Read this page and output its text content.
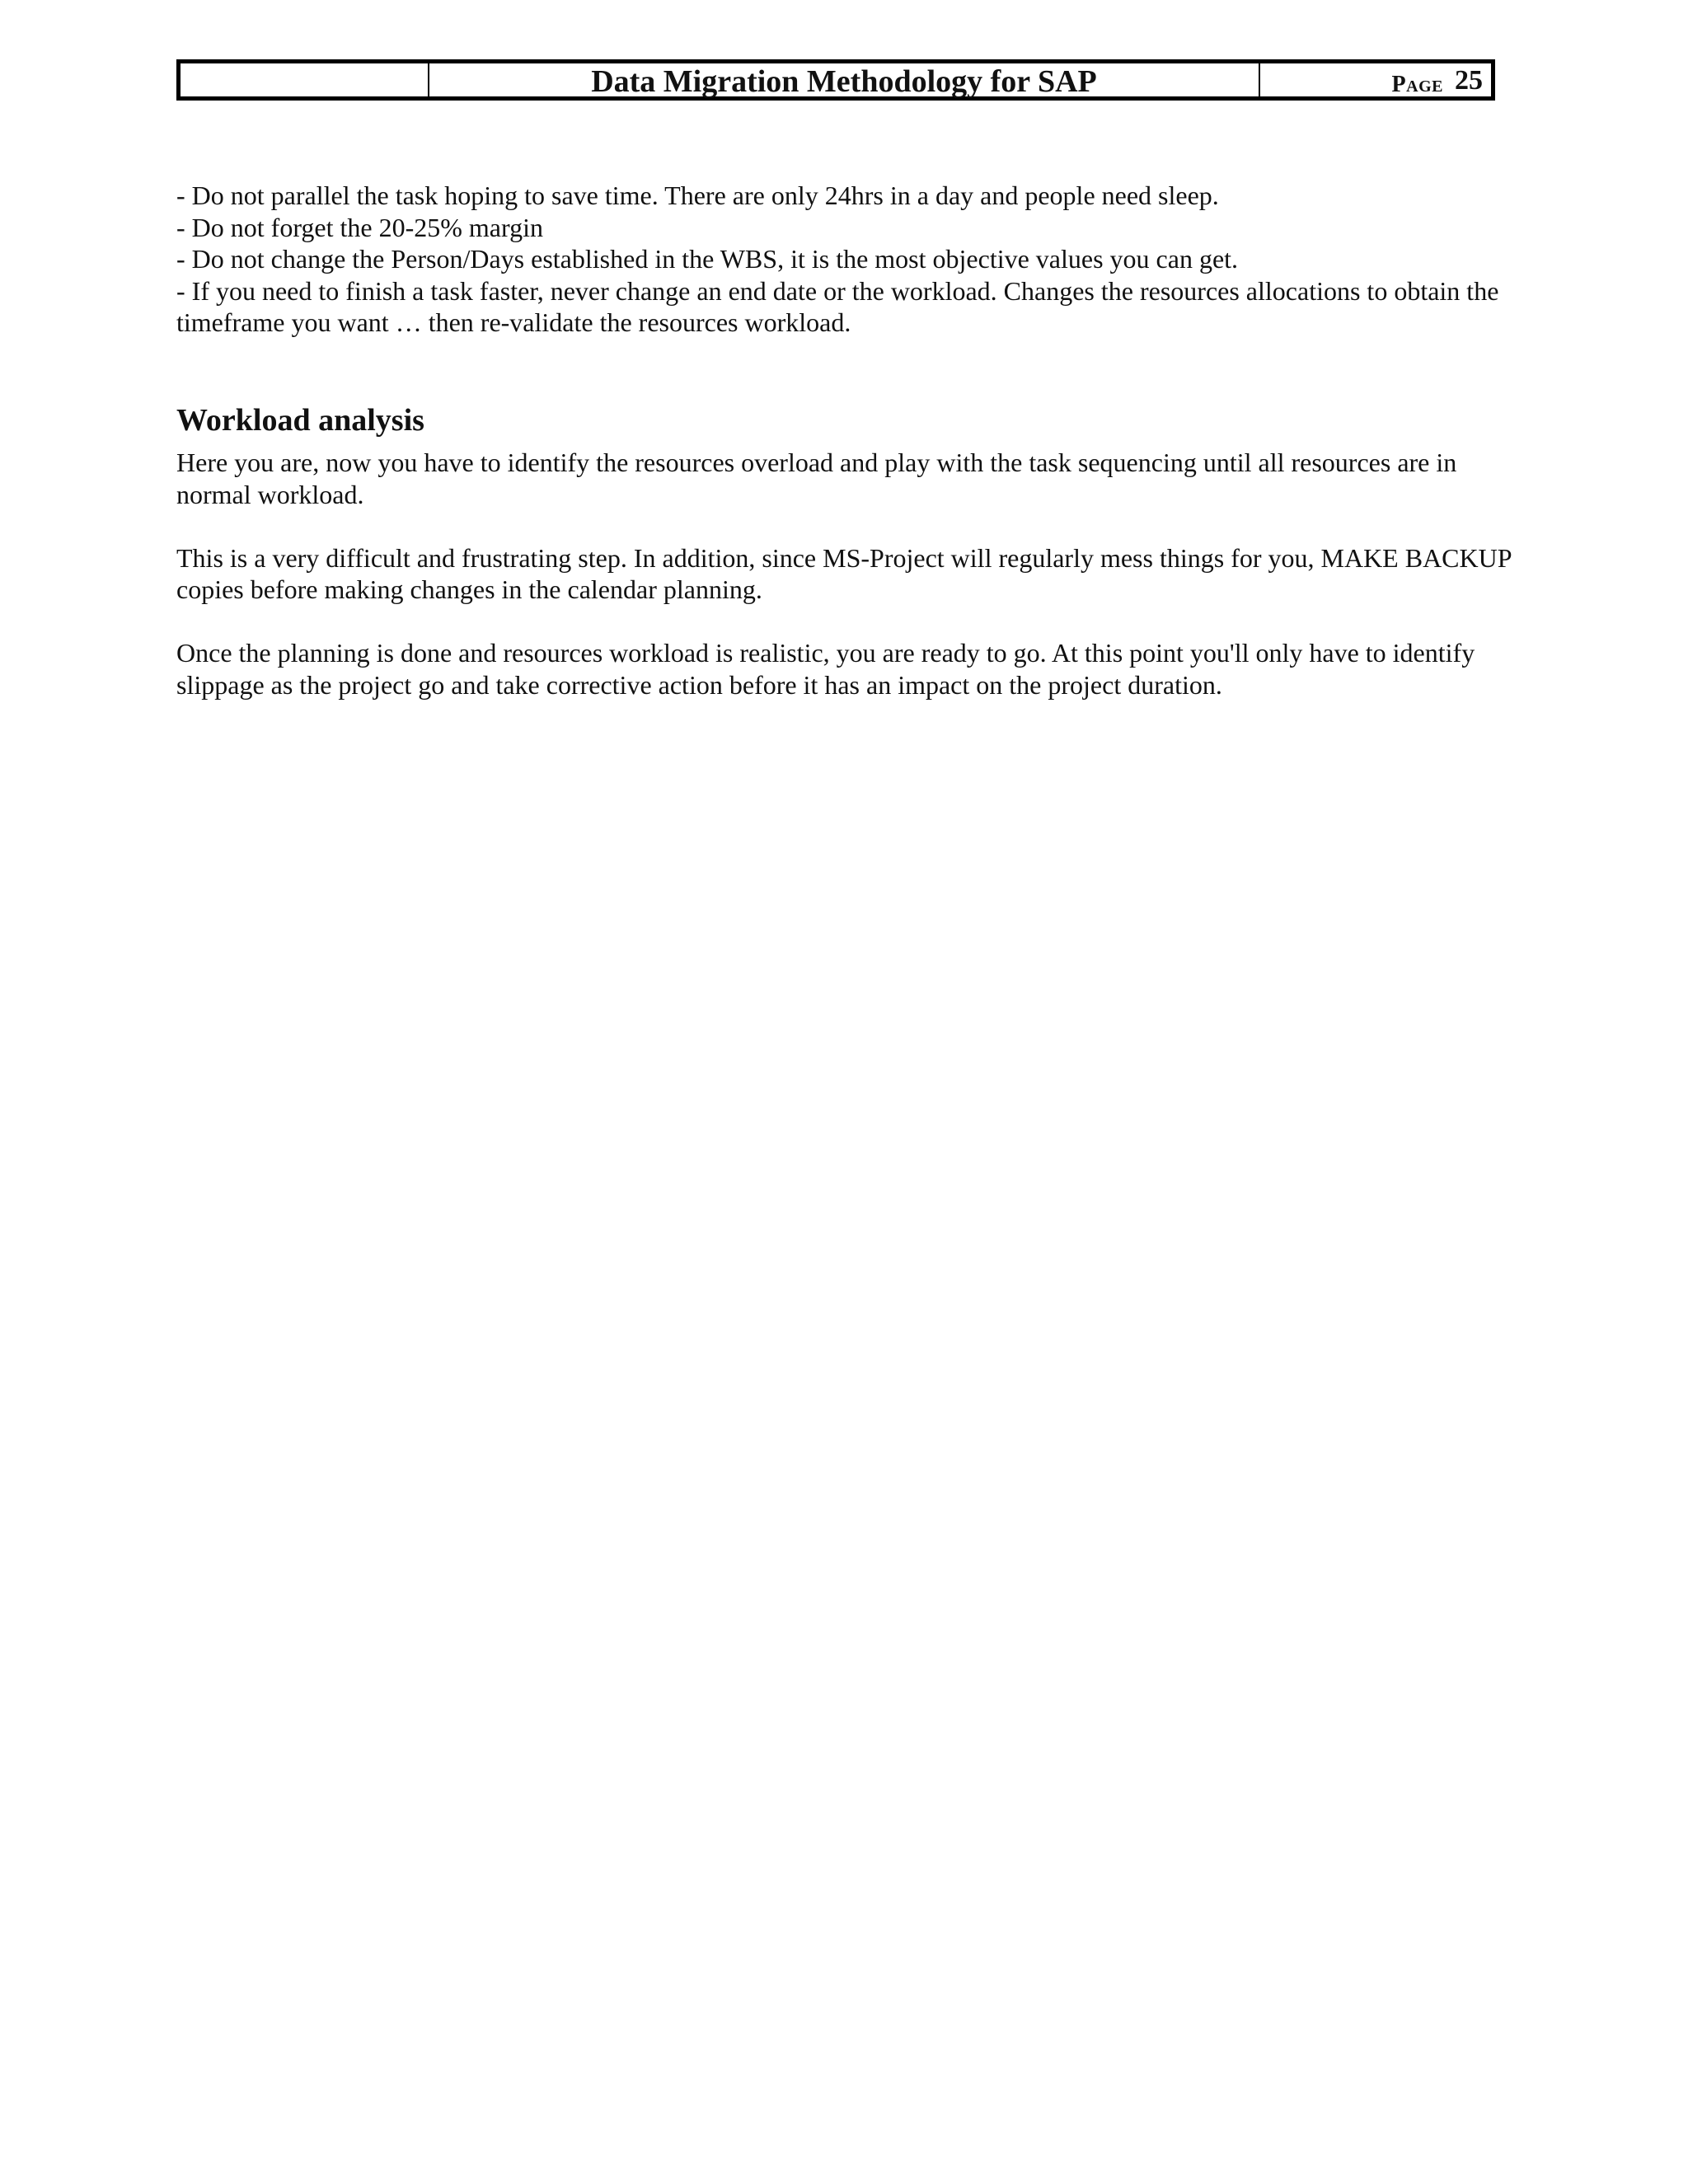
Data Migration Methodology for SAP	Page 25

- Do not parallel the task hoping to save time. There are only 24hrs in a day and people need sleep.

- Do not forget the 20-25% margin

- Do not change the Person/Days established in the WBS, it is the most objective values you can get.

- If you need to finish a task faster, never change an end date or the workload. Changes the resources allocations to obtain the timeframe you want … then re-validate the resources workload.

Workload analysis

Here you are, now you have to identify the resources overload and play with the task sequencing until all resources are in normal workload.

This is a very difficult and frustrating step. In addition, since MS-Project will regularly mess things for you, MAKE BACKUP copies before making changes in the calendar planning.

Once the planning is done and resources workload is realistic, you are ready to go. At this point you'll only have to identify slippage as the project go and take corrective action before it has an impact on the project duration.
